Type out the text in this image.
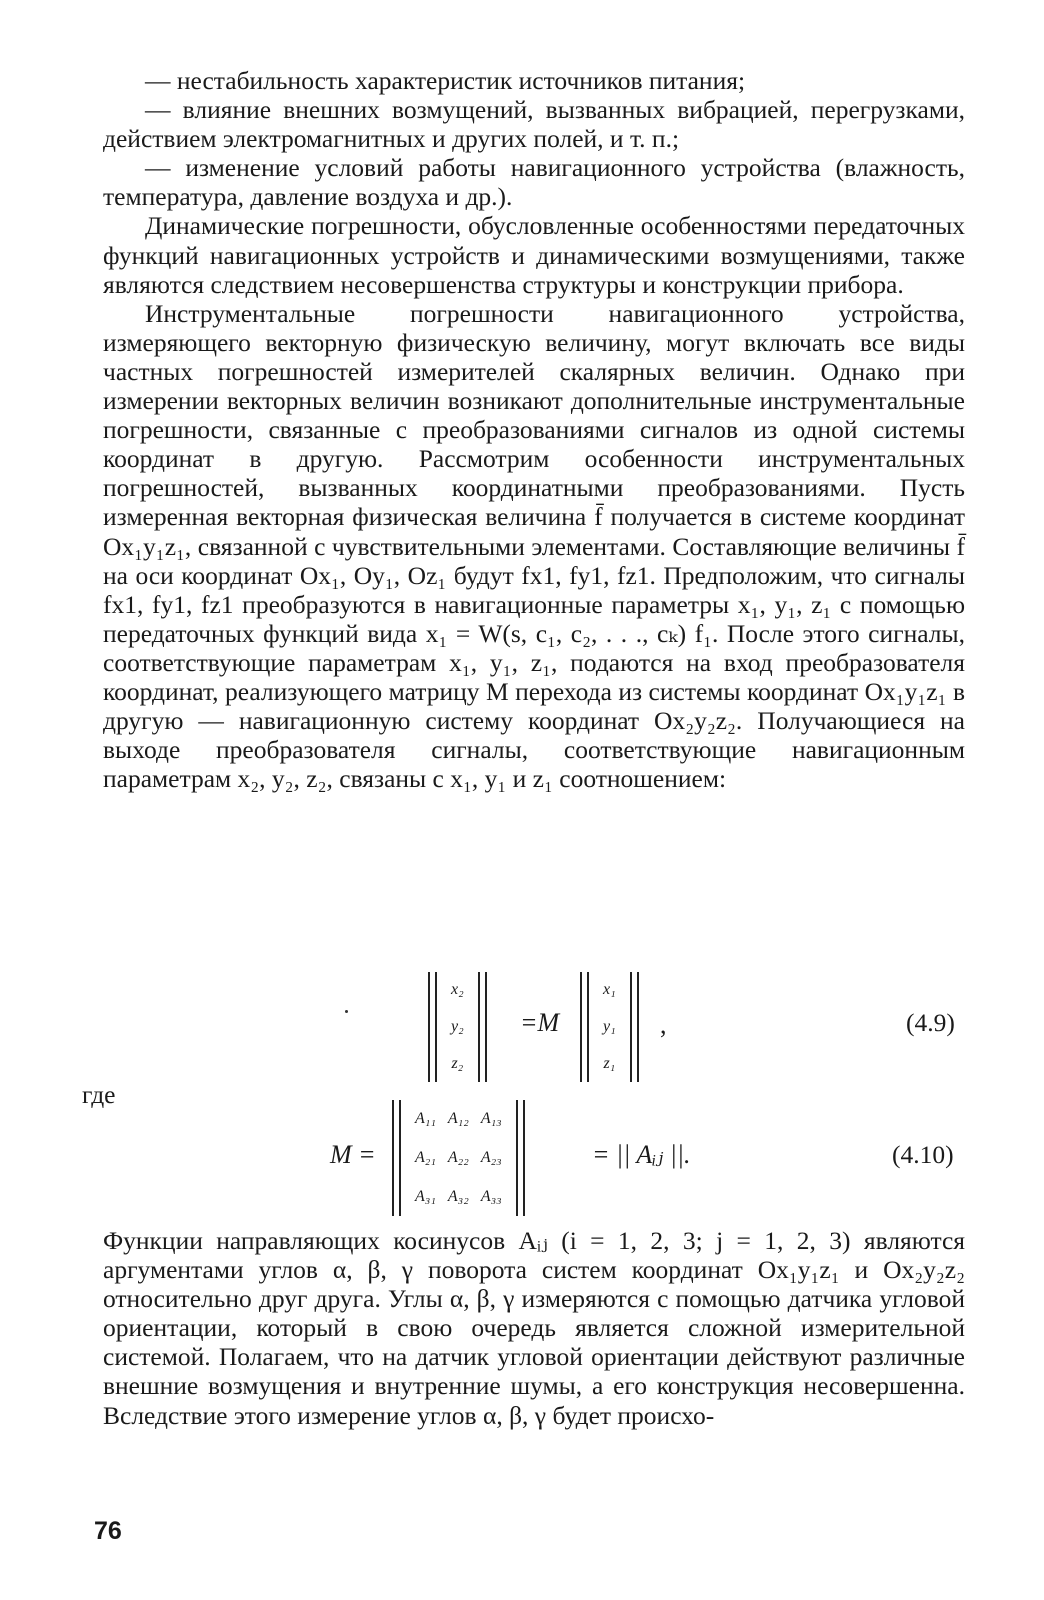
— нестабильность характеристик источников питания;

— влияние внешних возмущений, вызванных вибрацией, перегрузками, действием электромагнитных и других полей, и т. п.;

— изменение условий работы навигационного устройства (влажность, температура, давление воздуха и др.).

Динамические погрешности, обусловленные особенностями передаточных функций навигационных устройств и динамическими возмущениями, также являются следствием несовершенства структуры и конструкции прибора.

Инструментальные погрешности навигационного устройства, измеряющего векторную физическую величину, могут включать все виды частных погрешностей измерителей скалярных величин. Однако при измерении векторных величин возникают дополнительные инструментальные погрешности, связанные с преобразованиями сигналов из одной системы координат в другую. Рассмотрим особенности инструментальных погрешностей, вызванных координатными преобразованиями. Пусть измеренная векторная физическая величина f̄ получается в системе координат Ox₁y₁z₁, связанной с чувствительными элементами. Составляющие величины f̄ на оси координат Ox₁, Oy₁, Oz₁ будут fx1, fy1, fz1. Предположим, что сигналы fx1, fy1, fz1 преобразуются в навигационные параметры x₁, y₁, z₁ с помощью передаточных функций вида x₁ = W(s, c₁, c₂, . . ., cₖ) f₁. После этого сигналы, соответствующие параметрам x₁, y₁, z₁, подаются на вход преобразователя координат, реализующего матрицу M перехода из системы координат Ox₁y₁z₁ в другую — навигационную систему координат Ox₂y₂z₂. Получающиеся на выходе преобразователя сигналы, соответствующие навигационным параметрам x₂, y₂, z₂, связаны с x₁, y₁ и z₁ соотношением:

x₂
y₂
z₂
=M
x₁
y₁
z₁
,	(4.9)
где
M =
A₁₁ A₁₂ A₁₃
A₂₁ A₂₂ A₂₃
A₃₁ A₃₂ A₃₃
= || Aᵢⱼ ||.	(4.10)

Функции направляющих косинусов Aᵢⱼ (i = 1, 2, 3; j = 1, 2, 3) являются аргументами углов α, β, γ поворота систем координат Ox₁y₁z₁ и Ox₂y₂z₂ относительно друг друга. Углы α, β, γ измеряются с помощью датчика угловой ориентации, который в свою очередь является сложной измерительной системой. Полагаем, что на датчик угловой ориентации действуют различные внешние возмущения и внутренние шумы, а его конструкция несовершенна. Вследствие этого измерение углов α, β, γ будет происхо-

76
